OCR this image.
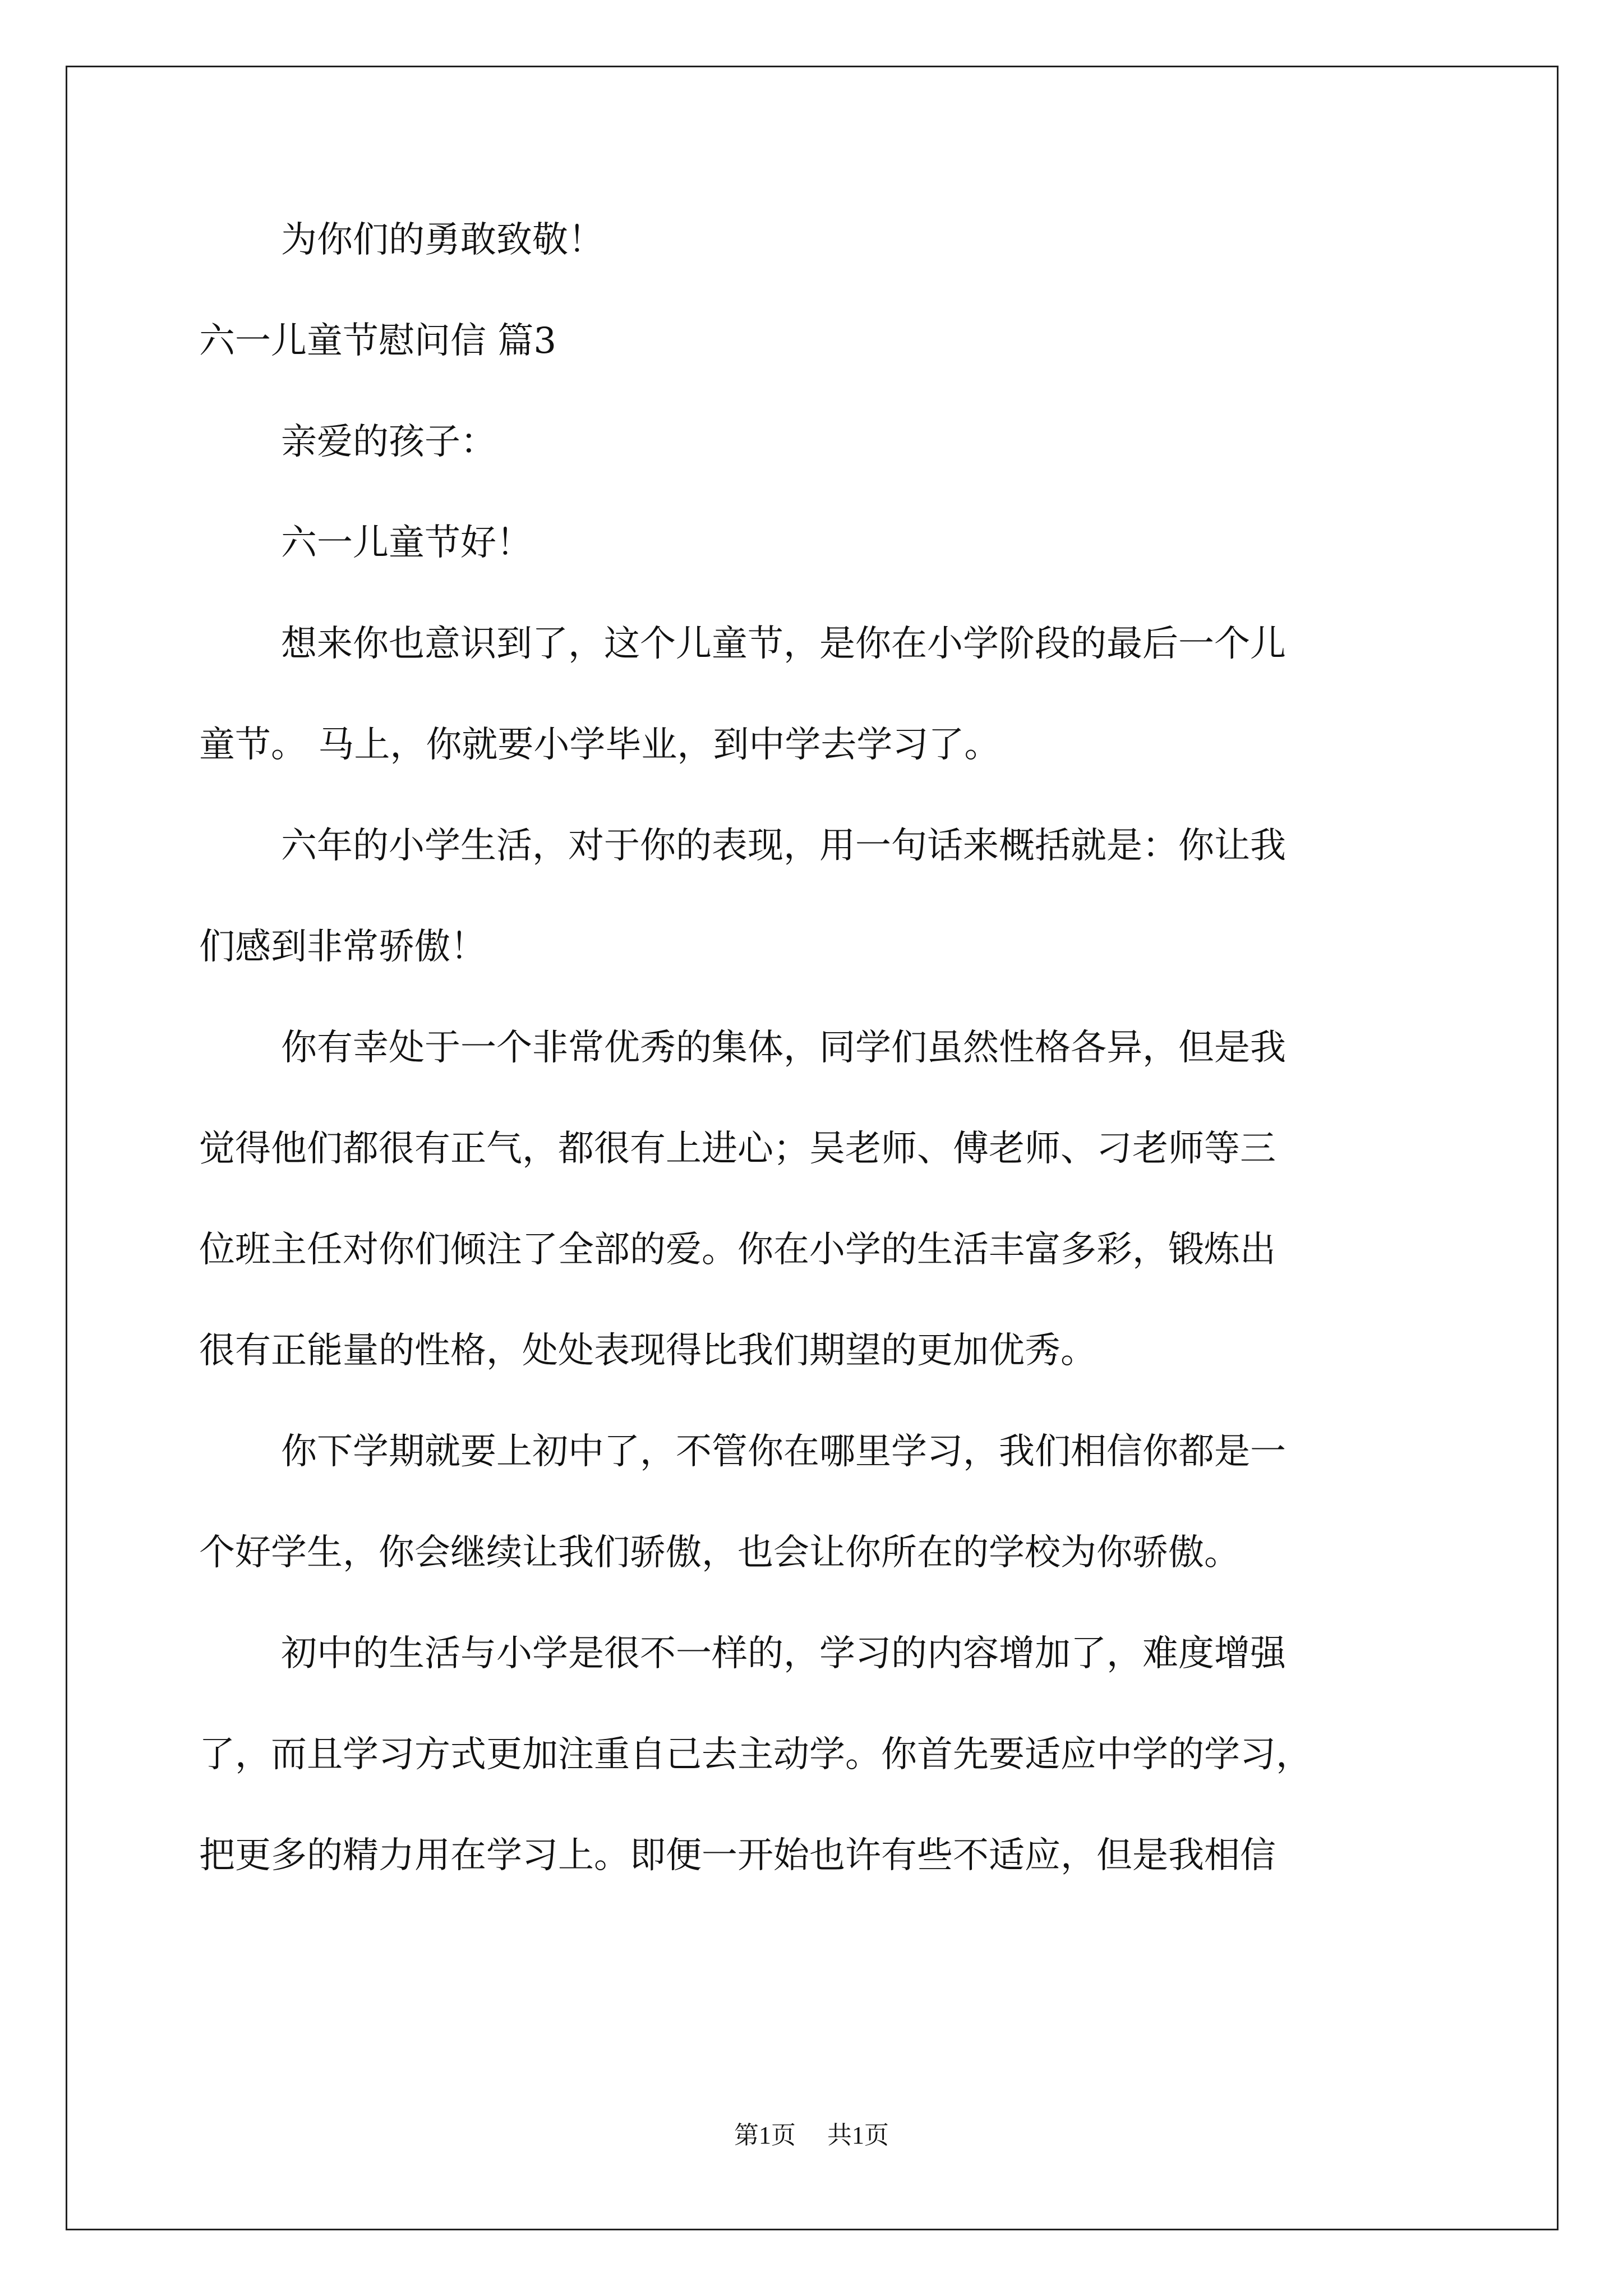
为你们的勇敢致敬！
六一儿童节慰问信 篇3
亲爱的孩子：
六一儿童节好！
想来你也意识到了，这个儿童节，是你在小学阶段的最后一个儿
童节。 马上，你就要小学毕业，到中学去学习了。
六年的小学生活，对于你的表现，用一句话来概括就是：你让我
们感到非常骄傲！
你有幸处于一个非常优秀的集体，同学们虽然性格各异，但是我
觉得他们都很有正气，都很有上进心；吴老师、傅老师、刁老师等三
位班主任对你们倾注了全部的爱。你在小学的生活丰富多彩，锻炼出
很有正能量的性格，处处表现得比我们期望的更加优秀。
你下学期就要上初中了，不管你在哪里学习，我们相信你都是一
个好学生，你会继续让我们骄傲，也会让你所在的学校为你骄傲。
初中的生活与小学是很不一样的，学习的内容增加了，难度增强
了，而且学习方式更加注重自己去主动学。你首先要适应中学的学习，
把更多的精力用在学习上。即便一开始也许有些不适应，但是我相信
第1页 共1页
